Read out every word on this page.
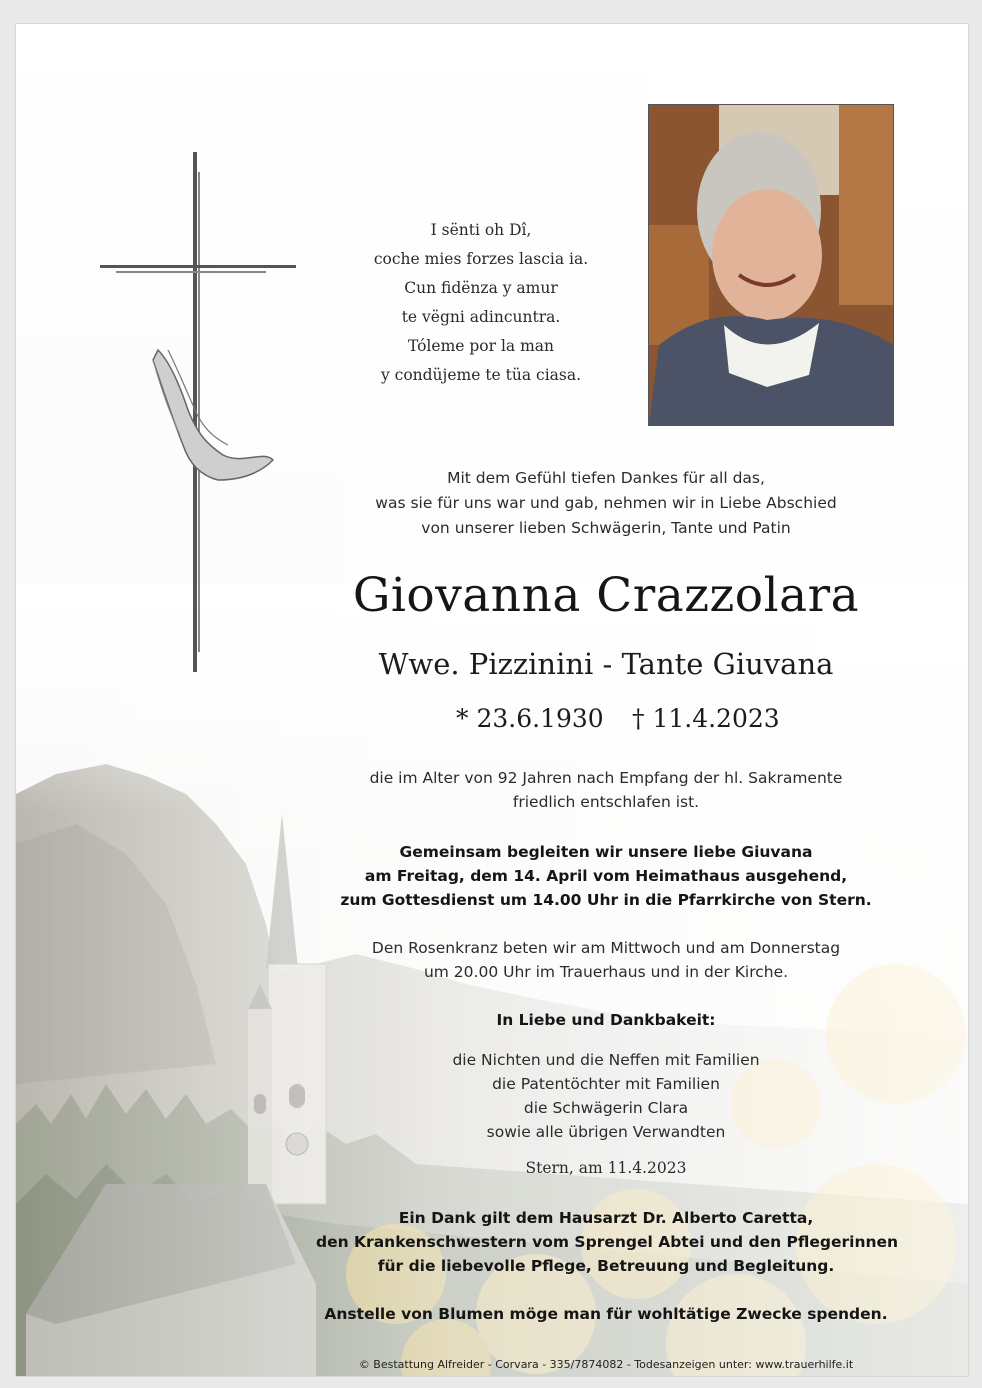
I sënti oh Dî,
coche mies forzes lascia ia.
Cun fidënza y amur
te vëgni adincuntra.
Tóleme por la man
y condüjeme te tüa ciasa.
Mit dem Gefühl tiefen Dankes für all das,
was sie für uns war und gab, nehmen wir in Liebe Abschied
von unserer lieben Schwägerin, Tante und Patin
Giovanna Crazzolara
Wwe. Pizzinini - Tante Giuvana
* 23.6.1930 † 11.4.2023
die im Alter von 92 Jahren nach Empfang der hl. Sakramente
friedlich entschlafen ist.
Gemeinsam begleiten wir unsere liebe Giuvana
am Freitag, dem 14. April vom Heimathaus ausgehend,
zum Gottesdienst um 14.00 Uhr in die Pfarrkirche von Stern.
Den Rosenkranz beten wir am Mittwoch und am Donnerstag
um 20.00 Uhr im Trauerhaus und in der Kirche.
In Liebe und Dankbakeit:
die Nichten und die Neffen mit Familien
die Patentöchter mit Familien
die Schwägerin Clara
sowie alle übrigen Verwandten
Stern, am 11.4.2023
Ein Dank gilt dem Hausarzt Dr. Alberto Caretta,
den Krankenschwestern vom Sprengel Abtei und den Pflegerinnen
für die liebevolle Pflege, Betreuung und Begleitung.
Anstelle von Blumen möge man für wohltätige Zwecke spenden.
© Bestattung Alfreider - Corvara - 335/7874082 - Todesanzeigen unter: www.trauerhilfe.it
